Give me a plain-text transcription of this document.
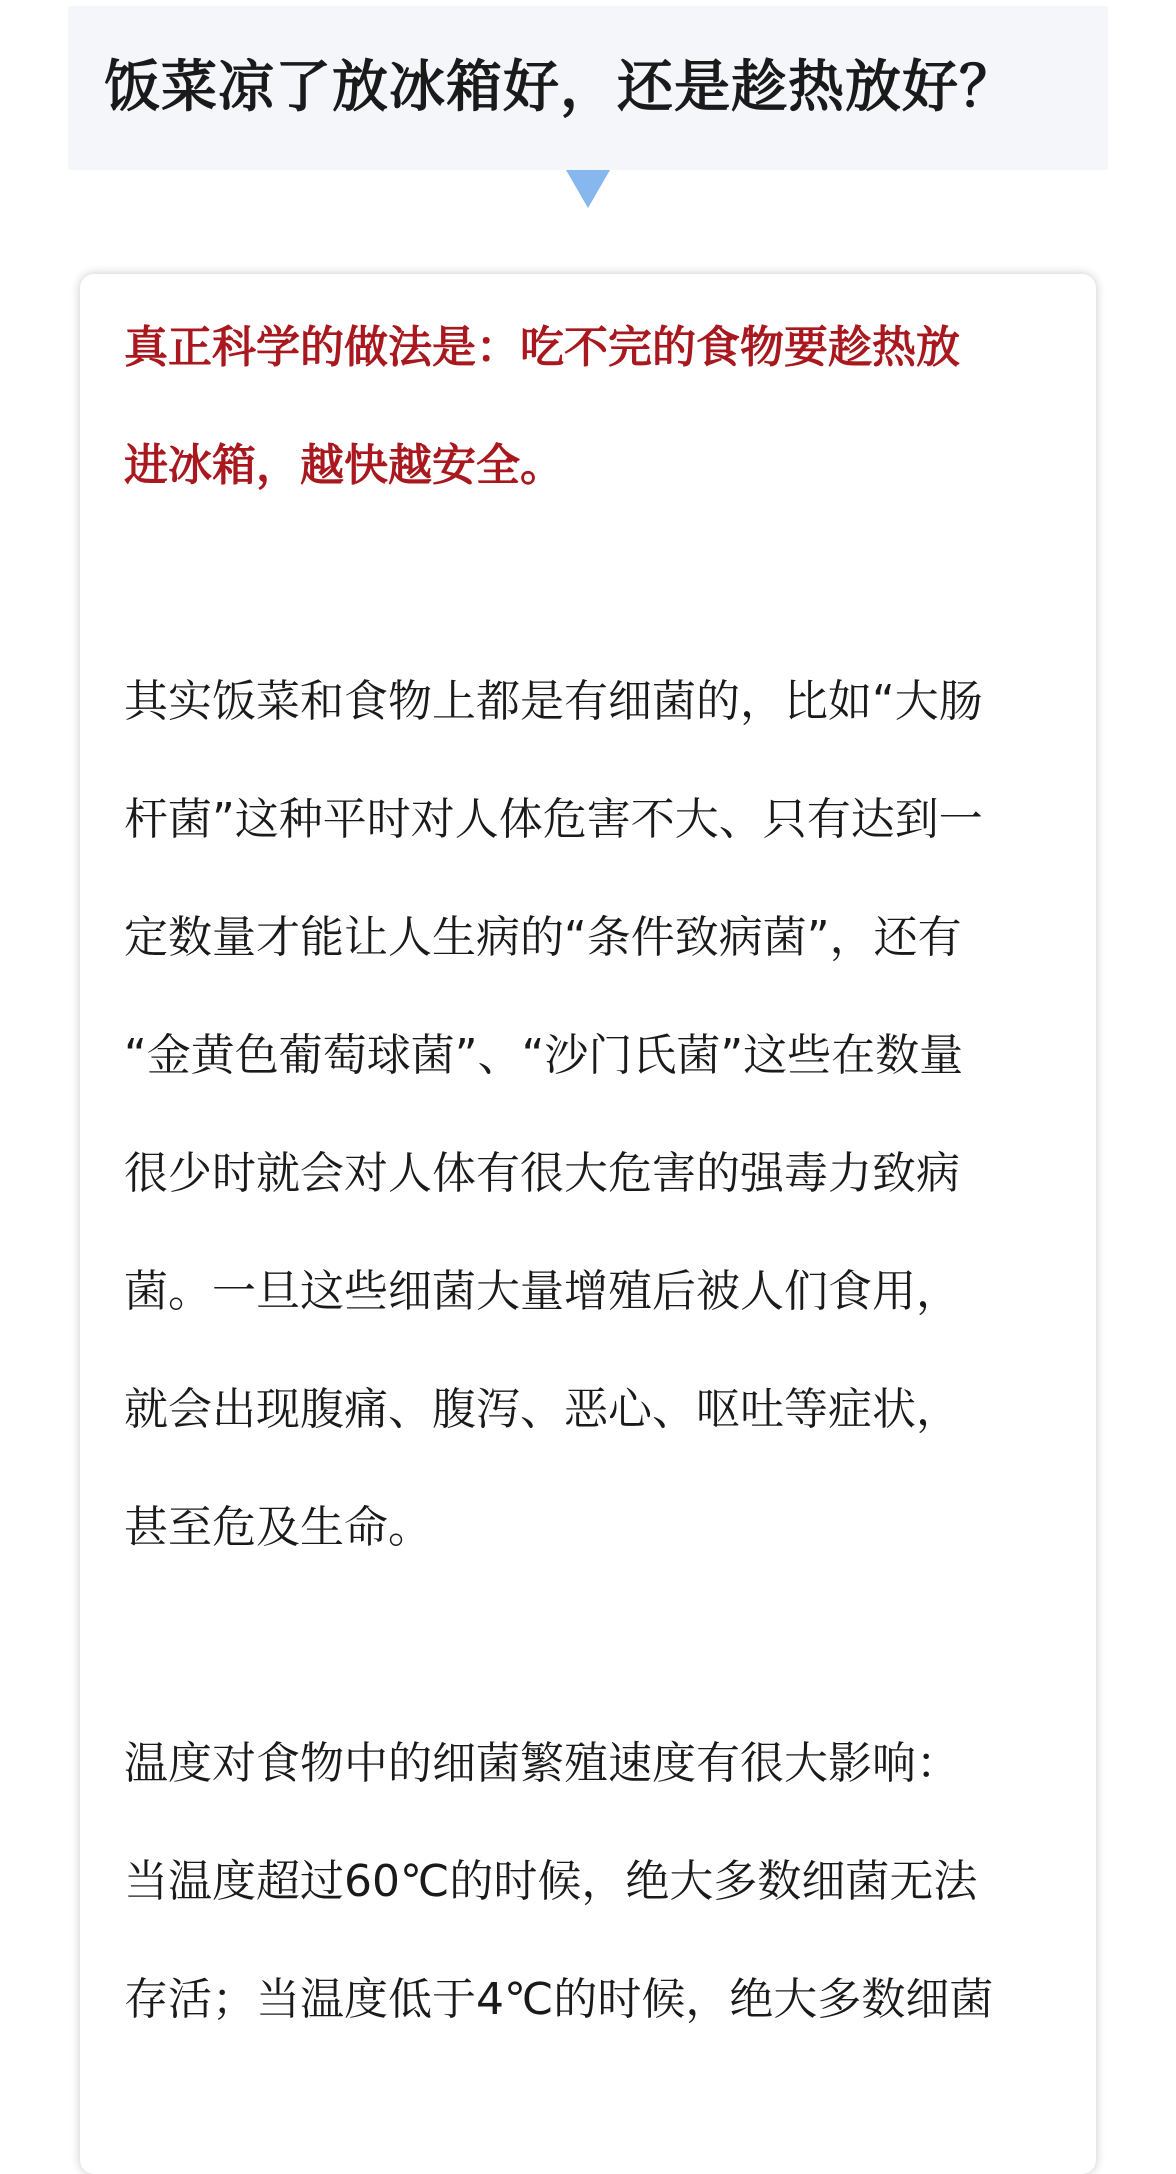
饭菜凉了放冰箱好，还是趁热放好？
真正科学的做法是：吃不完的食物要趁热放
进冰箱，越快越安全。
其实饭菜和食物上都是有细菌的，比如“大肠
杆菌”这种平时对人体危害不大、只有达到一
定数量才能让人生病的“条件致病菌”，还有
“金黄色葡萄球菌”、“沙门氏菌”这些在数量
很少时就会对人体有很大危害的强毒力致病
菌。一旦这些细菌大量增殖后被人们食用，
就会出现腹痛、腹泻、恶心、呕吐等症状，
甚至危及生命。
温度对食物中的细菌繁殖速度有很大影响：
当温度超过60℃的时候，绝大多数细菌无法
存活；当温度低于4℃的时候，绝大多数细菌
